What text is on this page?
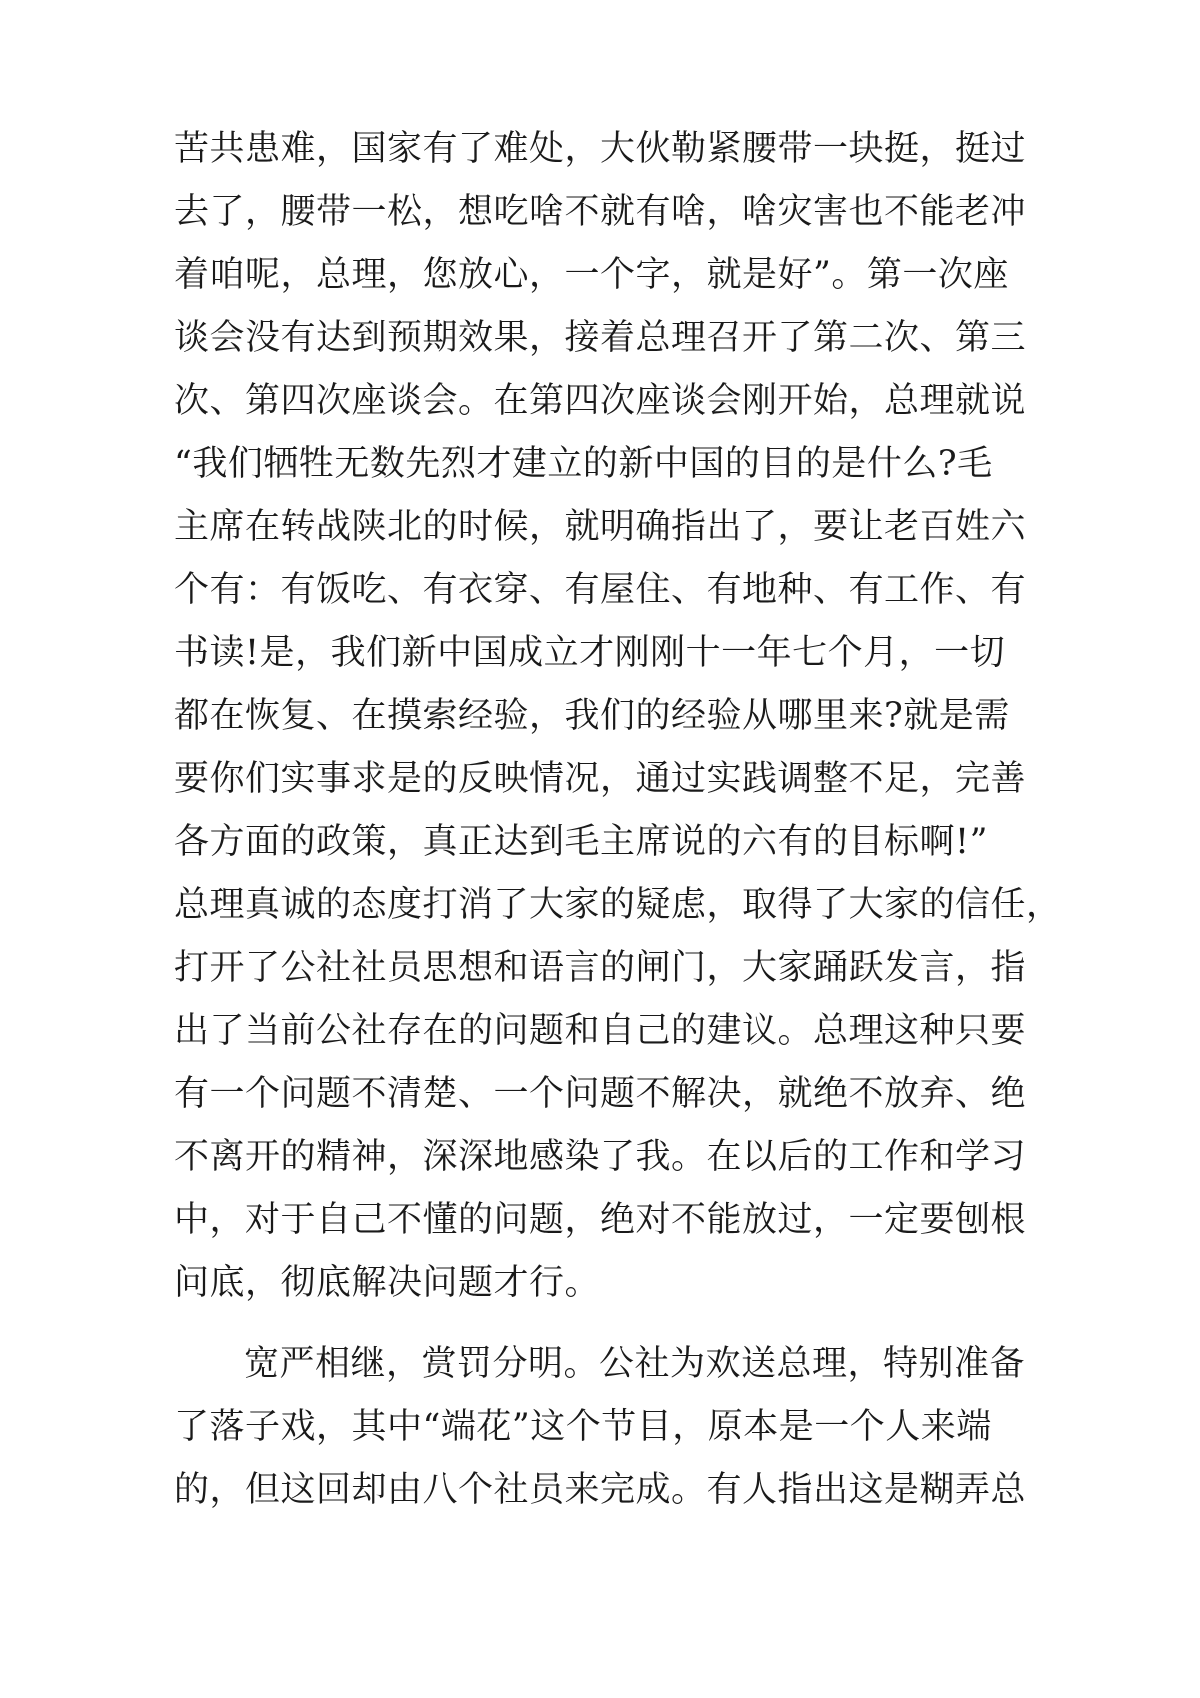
苦共患难，国家有了难处，大伙勒紧腰带一块挺，挺过
去了，腰带一松，想吃啥不就有啥，啥灾害也不能老冲
着咱呢，总理，您放心，一个字，就是好”。第一次座
谈会没有达到预期效果，接着总理召开了第二次、第三
次、第四次座谈会。在第四次座谈会刚开始，总理就说
“我们牺牲无数先烈才建立的新中国的目的是什么?毛
主席在转战陕北的时候，就明确指出了，要让老百姓六
个有：有饭吃、有衣穿、有屋住、有地种、有工作、有
书读!是，我们新中国成立才刚刚十一年七个月，一切
都在恢复、在摸索经验，我们的经验从哪里来?就是需
要你们实事求是的反映情况，通过实践调整不足，完善
各方面的政策，真正达到毛主席说的六有的目标啊!”
总理真诚的态度打消了大家的疑虑，取得了大家的信任，
打开了公社社员思想和语言的闸门，大家踊跃发言，指
出了当前公社存在的问题和自己的建议。总理这种只要
有一个问题不清楚、一个问题不解决，就绝不放弃、绝
不离开的精神，深深地感染了我。在以后的工作和学习
中，对于自己不懂的问题，绝对不能放过，一定要刨根
问底，彻底解决问题才行。
宽严相继，赏罚分明。公社为欢送总理，特别准备
了落子戏，其中“端花”这个节目，原本是一个人来端
的，但这回却由八个社员来完成。有人指出这是糊弄总
